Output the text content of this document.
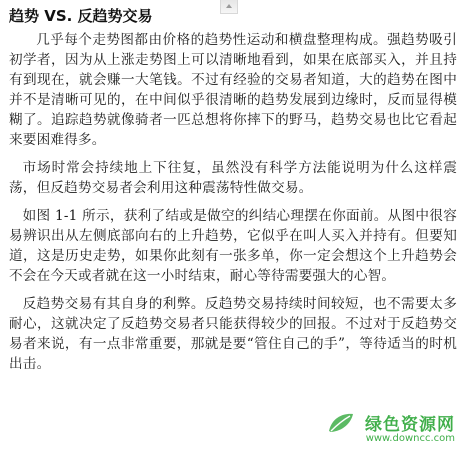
趋势 VS. 反趋势交易

几乎每个走势图都由价格的趋势性运动和横盘整理构成。强趋势吸引初学者，因为从上涨走势图上可以清晰地看到，如果在底部买入，并且持有到现在，就会赚一大笔钱。不过有经验的交易者知道，大的趋势在图中并不是清晰可见的，在中间似乎很清晰的趋势发展到边缘时，反而显得模糊了。追踪趋势就像骑者一匹总想将你摔下的野马，趋势交易也比它看起来要困难得多。

市场时常会持续地上下往复，虽然没有科学方法能说明为什么这样震荡，但反趋势交易者会利用这种震荡特性做交易。

如图 1-1 所示，获利了结或是做空的纠结心理摆在你面前。从图中很容易辨识出从左侧底部向右的上升趋势，它似乎在叫人买入并持有。但要知道，这是历史走势，如果你此刻有一张多单，你一定会想这个上升趋势会不会在今天或者就在这一小时结束，耐心等待需要强大的心智。

反趋势交易有其自身的利弊。反趋势交易持续时间较短，也不需要太多耐心，这就决定了反趋势交易者只能获得较少的回报。不过对于反趋势交易者来说，有一点非常重要，那就是要“管住自己的手”，等待适当的时机出击。

绿色资源网
www.downcc.com
